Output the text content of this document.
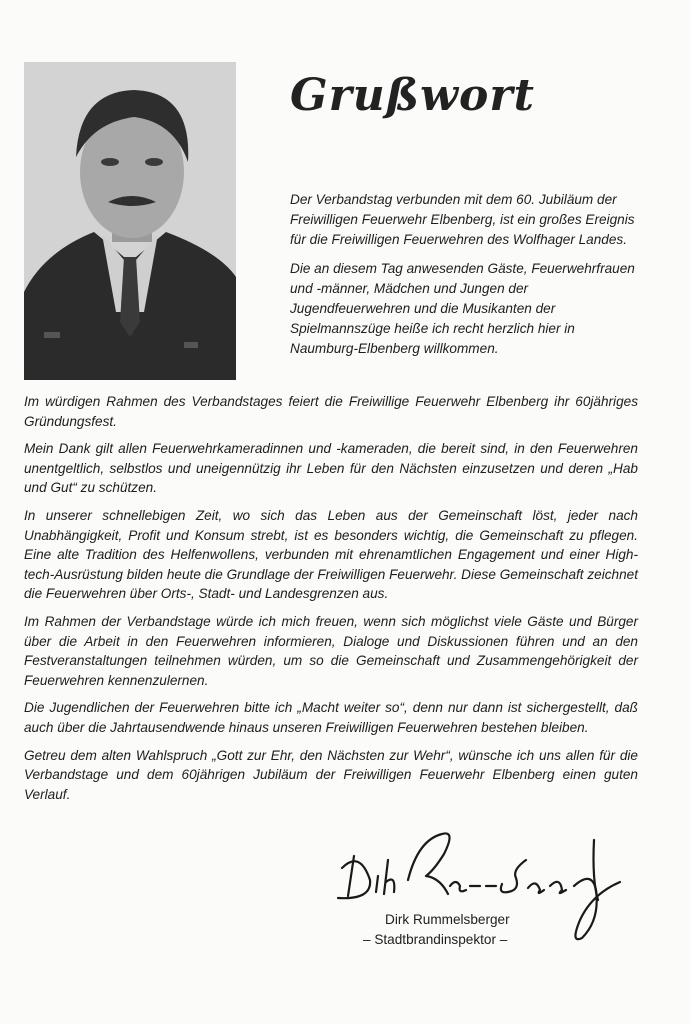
Grußwort

Der Verbandstag verbunden mit dem 60. Jubiläum der Freiwilligen Feuerwehr Elbenberg, ist ein großes Ereignis für die Freiwilligen Feuerwehren des Wolfhager Landes.

Die an diesem Tag anwesenden Gäste, Feuerwehrfrauen und -männer, Mädchen und Jungen der Jugendfeuerwehren und die Musikanten der Spielmannszüge heiße ich recht herzlich hier in Naumburg-Elbenberg willkommen.

Im würdigen Rahmen des Verbandstages feiert die Freiwillige Feuerwehr Elbenberg ihr 60jähriges Gründungsfest.

Mein Dank gilt allen Feuerwehrkameradinnen und -kameraden, die bereit sind, in den Feuerwehren unentgeltlich, selbstlos und uneigennützig ihr Leben für den Nächsten einzusetzen und deren „Hab und Gut“ zu schützen.

In unserer schnellebigen Zeit, wo sich das Leben aus der Gemeinschaft löst, jeder nach Unabhängigkeit, Profit und Konsum strebt, ist es besonders wichtig, die Gemeinschaft zu pflegen. Eine alte Tradition des Helfenwollens, verbunden mit ehrenamtlichen Engagement und einer High-tech-Ausrüstung bilden heute die Grundlage der Freiwilligen Feuerwehr. Diese Gemeinschaft zeichnet die Feuerwehren über Orts-, Stadt- und Landesgrenzen aus.

Im Rahmen der Verbandstage würde ich mich freuen, wenn sich möglichst viele Gäste und Bürger über die Arbeit in den Feuerwehren informieren, Dialoge und Diskussionen führen und an den Festveranstaltungen teilnehmen würden, um so die Gemeinschaft und Zusammengehörigkeit der Feuerwehren kennenzulernen.

Die Jugendlichen der Feuerwehren bitte ich „Macht weiter so“, denn nur dann ist sichergestellt, daß auch über die Jahrtausendwende hinaus unseren Freiwilligen Feuerwehren bestehen bleiben.

Getreu dem alten Wahlspruch „Gott zur Ehr, den Nächsten zur Wehr“, wünsche ich uns allen für die Verbandstage und dem 60jährigen Jubiläum der Freiwilligen Feuerwehr Elbenberg einen guten Verlauf.

Dirk Rummelsberger
– Stadtbrandinspektor –
